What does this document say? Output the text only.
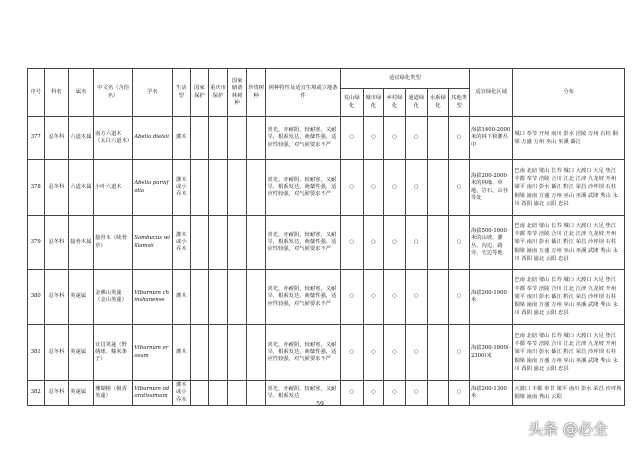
序号	科名	属名	中文名（含俗名）	学名	生活型	国家保护	重庆市保护	国家储备林树种	珍贵树种	树种特性及适宜生境或立地条件	适宜绿化类型						适宜绿化区域	分布
											荒山绿化	城市绿化	乡村绿化	通道绿化	水系绿化	其他类型		
377	忍冬科	六道木属	南方六道木（太白六道木）	Abelia dielsii	灌木					喜光，亦耐阴，较耐寒，又耐旱，根系发达，萌蘖性强，适应性较强，对气候要求不严	○	○	○	○		○	海拔1400-2000米的林下和灌丛中	城口 奉节 开州 南川 彭水 涪陵 万州 石柱 铜梁 万盛 万州 巫山 巫溪 綦江
378	忍冬科	六道木属	小叶六道木	Abelia parvifolia	灌木或小乔木					喜光，亦耐阴，较耐寒，又耐旱，根系发达，萌蘖性强，适应性较强，对气候要求不严	○	○	○	○		○	海拔200-2000米的林缘、草地、岩石、山谷等处	巴南 北碚 璧山 长寿 城口 大渡口 大足 垫江 丰都 奉节 涪陵 合川 江北 江津 九龙坡 开州 梁平 南川 彭水 綦江 黔江 荣昌 沙坪坝 石柱 铜梁 潼南 万盛 万州 巫山 巫溪 武隆 秀山 永川 酉阳 渝北 云阳 忠县
379	忍冬科	接骨木属	接骨木（续骨草）	Sambucus williamsii	灌木或小乔木					喜光，亦耐阴，较耐寒，又耐旱，根系发达，萌蘖性强，适应性较强，对气候要求不严	○	○	○	○		○	海拔500-1600米的山坡、灌丛、沟边、路旁、宅边等地	巴南 北碚 璧山 长寿 城口 大渡口 大足 垫江 丰都 奉节 涪陵 合川 江北 江津 九龙坡 开州 梁平 南川 彭水 綦江 黔江 荣昌 沙坪坝 石柱 铜梁 潼南 万盛 万州 巫山 巫溪 武隆 秀山 永川 酉阳 渝北 云阳 忠县
380	忍冬科	荚蒾属	金佛山荚蒾（金山荚蒾）	Viburnum chinshanense	灌木					喜光，亦耐阴，较耐寒，又耐旱，根系发达，萌蘖性强，适应性较强，对气候要求不严	○	○	○	○		○	海拔200-1900米	巴南 北碚 璧山 长寿 城口 大渡口 大足 垫江 丰都 奉节 涪陵 合川 江北 江津 九龙坡 开州 梁平 南川 彭水 綦江 黔江 荣昌 沙坪坝 石柱 铜梁 潼南 万盛 万州 巫山 巫溪 武隆 秀山 永川 酉阳 渝北 云阳 忠县
381	忍冬科	荚蒾属	宜昌荚蒾（野绣球、糯米条子）	Viburnum erosum	灌木					喜光，亦耐阴，较耐寒，又耐旱，根系发达，萌蘖性强，适应性较强，对气候要求不严	○	○	○	○		○	海拔300-1800(-2300)米	巴南 北碚 璧山 长寿 城口 大渡口 大足 垫江 丰都 奉节 涪陵 合川 江北 江津 九龙坡 开州 梁平 南川 彭水 綦江 黔江 荣昌 沙坪坝 石柱 铜梁 潼南 万盛 万州 巫山 巫溪 武隆 秀山 永川 酉阳 渝北 云阳 忠县
382	忍冬科	荚蒾属	珊瑚树（极香荚蒾）	Viburnum odoratissimum	灌木或小乔木					喜光，亦耐阴，较耐寒，又耐旱，根系发达	○	○	○	○		○	海拔200-1300米	大渡口 丰都 奉节 梁平 南川 彭水 荣昌 沙坪坝 铜梁 潼南 秀山 云阳
59
头条 @必全
